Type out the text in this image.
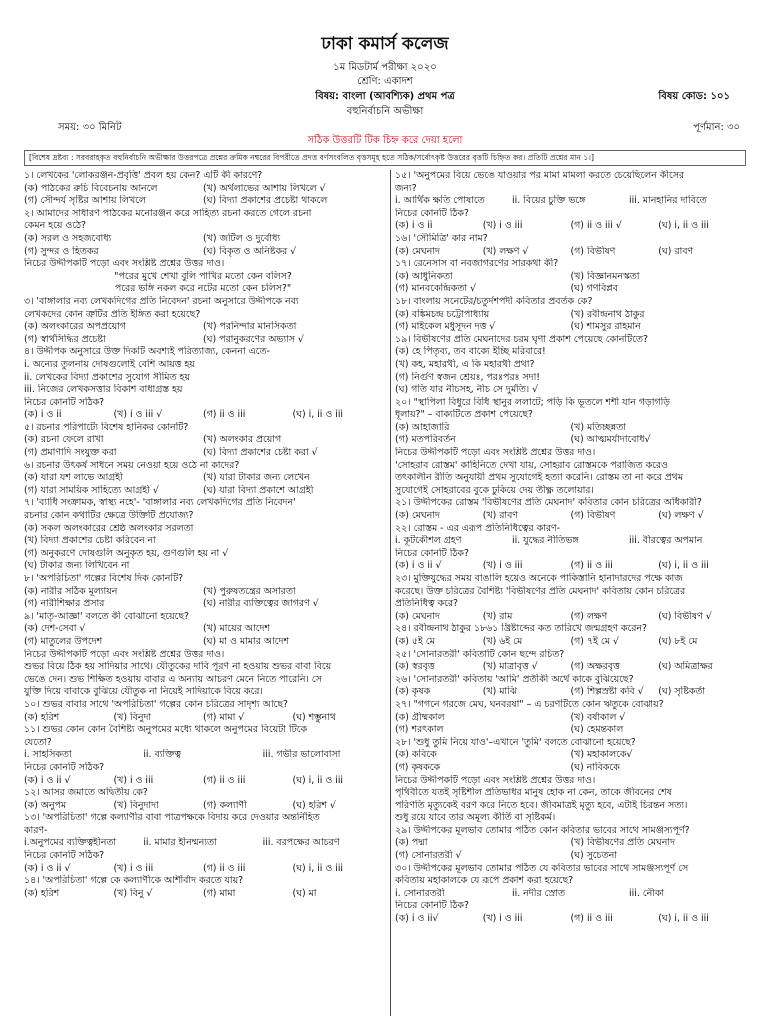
ঢাকা কমার্স কলেজ
১ম মিডটার্ম পরীক্ষা ২০২০
শ্রেণি: একাদশ
বিষয়: বাংলা (আবশ্যিক) প্রথম পত্র	বিষয় কোড: ১০১
বহুনির্বাচনি অভীক্ষা
সময়: ৩০ মিনিট	পূর্ণমান: ৩০
সঠিক উত্তরটি টিক চিহ্ন করে দেয়া হলো
[বিশেষ দ্রষ্টব্য : সরবরাহকৃত বহুনির্বাচনি অভীক্ষার উত্তরপত্রে প্রশ্নের ক্রমিক নম্বরের বিপরীতে প্রদত্ত বর্ণসংবলিত বৃত্তসমূহ হতে সঠিক/সর্বোৎকৃষ্ট উত্তরের বৃত্তটি চিহ্নিত কর। প্রতিটি প্রশ্নের মান ১।]
১। লেখকের 'লোকরঞ্জন-প্রবৃত্তি' প্রবল হয় কেন? এটি কী কারণে?
(ক) পাঠকের রুচি বিবেচনায় আনলে	(খ) অর্থলাভের আশায় লিখলে √
(গ) সৌন্দর্য সৃষ্টির আশায় লিখলে	(ঘ) বিদ্যা প্রকাশের প্রচেষ্টা থাকলে
২। আমাদের সাধারণ পাঠকের মনোরঞ্জন করে সাহিত্য রচনা করতে গেলে রচনা
কেমন হয়ে ওঠে?
(ক) সরল ও সহজবোধ্য	(খ) জটিল ও দুর্বোধ্য
(গ) সুন্দর ও হিতকর	(ঘ) বিকৃত ও অনিষ্টকর √
নিচের উদ্দীপকটি পড়ো এবং সংশ্লিষ্ট প্রশ্নের উত্তর দাও।
"পরের মুখে শেখা বুলি পাখির মতো কেন বলিস?
পরের ভঙ্গি নকল করে নটের মতো কেন চলিস?"
৩। 'বাঙ্গালার নব্য লেখকদিগের প্রতি নিবেদন' রচনা অনুসারে উদ্দীপকে নব্য
লেখকদের কোন ত্রুটির প্রতি ইঙ্গিত করা হয়েছে?
(ক) অলংকারের অপপ্রয়োগ	(খ) পরনিন্দার মানসিকতা
(গ) স্বার্থসিদ্ধির প্রচেষ্টা	(ঘ) পরানুকরণের অভ্যাস √
৪। উদ্দীপক অনুসারে উক্ত দিকটি অবশ্যই পরিত্যাজ্য, কেননা এতে-
i. অন্যের তুলনায় দোষগুলোই বেশি আয়ত্ত হয়
ii. লেখকের বিদ্যা প্রকাশের সুযোগ সীমিত হয়
iii. নিজের লেখকসত্তার বিকাশ বাধাগ্রস্ত হয়
নিচের কোনটি সঠিক?
(ক) i ও ii	(খ) i ও iii √	(গ) ii ও iii	(ঘ) i, ii ও iii
৫। রচনার পরিপাট্যে বিশেষ হানিকর কোনটি?
(ক) রচনা ফেলে রাখা	(খ) অলংকার প্রয়োগ
(গ) প্রমাণাদি সংযুক্ত করা	(ঘ) বিদ্যা প্রকাশের চেষ্টা করা √
৬। রচনার উৎকর্ষ সাধনে সময় নেওয়া হয়ে ওঠে না কাদের?
(ক) যারা যশ লাভে আগ্রহী	(খ) যারা টাকার জন্য লেখেন
(গ) যারা সাময়িক সাহিত্যে আগ্রহী √	(ঘ) যারা বিদ্যা প্রকাশে আগ্রহী
৭। 'ব্যাধি সংক্রামক, স্বাস্থ্য নহে'- 'বাঙ্গালার নব্য লেখকদিগের প্রতি নিবেদন'
রচনার কোন কথাটির ক্ষেত্রে উক্তিটি প্রযোজ্য?
(ক) সকল অলংকারের শ্রেষ্ঠ অলংকার সরলতা
(খ) বিদ্যা প্রকাশের চেষ্টা করিবেন না
(গ) অনুকরণে দোষগুলি অনুকৃত হয়, গুণগুলি হয় না √
(ঘ) টাকার জন্য লিখিবেন না
৮। 'অপরিচিতা' গল্পের বিশেষ দিক কোনটি?
(ক) নারীর সঠিক মূল্যায়ন	(খ) পুরুষতন্ত্রের অসারতা
(গ) নারীশিক্ষার প্রসার	(ঘ) নারীর ব্যক্তিত্বের জাগরণ √
৯। 'মাতৃ-আজ্ঞা' বলতে কী বোঝানো হয়েছে?
(ক) দেশ-সেবা √	(খ) মায়ের আদেশ
(গ) মাতুলের উপদেশ	(ঘ) মা ও মামার আদেশ
নিচের উদ্দীপকটি পড়ো এবং সংশ্লিষ্ট প্রশ্নের উত্তর দাও।
শুভর বিয়ে ঠিক হয় সাদিয়ার সাথে। যৌতুকের দাবি পূরণ না হওয়ায় শুভর বাবা বিয়ে
ভেঙে দেন। শুভ শিক্ষিত হওয়ায় বাবার এ অন্যায় আচরণ মেনে নিতে পারেনি। সে
যুক্তি দিয়ে বাবাকে বুঝিয়ে যৌতুক না নিয়েই সাদিয়াকে বিয়ে করে।
১০। শুভর বাবার সাথে 'অপরিচিতা' গল্পের কোন চরিত্রের সাদৃশ্য আছে?
(ক) হরিশ	(খ) বিনুদা	(গ) মামা √	(ঘ) শম্ভুনাথ
১১। শুভর কোন কোন বৈশিষ্ট্য অনুপমের মধ্যে থাকলে অনুপমের বিয়েটা টিকে
যেতো?
i. সাহসিকতা	ii. ব্যক্তিত্ব	iii. গভীর ভালোবাসা
নিচের কোনটি সঠিক?
(ক) i ও ii √	(খ) i ও iii	(গ) ii ও iii	(ঘ) i, ii ও iii
১২। আসর জমাতে অদ্বিতীয় কে?
(ক) অনুপম	(খ) বিনুদাদা	(গ) কল্যাণী	(ঘ) হরিশ √
১৩। 'অপরিচিতা' গল্পে কল্যাণীর বাবা পাত্রপক্ষকে বিদায় করে দেওয়ার অন্তর্নিহিত
কারণ-
i.অনুপমের ব্যক্তিত্বহীনতা	ii. মামার হীনম্মন্যতা	iii. বরপক্ষের আচরণ
নিচের কোনটি সঠিক?
(ক) i ও ii √	(খ) i ও iii	(গ) ii ও iii	(ঘ) i, ii ও iii
১৪। 'অপরিচিতা' গল্পে কে কল্যাণীকে আশীর্বাদ করতে যায়?
(ক) হরিশ	(খ) বিনু √	(গ) মামা	(ঘ) মা
১৫। 'অনুপমের বিয়ে ভেঙে যাওয়ার পর মামা মামলা করতে চেয়েছিলেন কীসের
জন্য?
i. আর্থিক ক্ষতি পোষাতে	ii. বিয়ের চুক্তি ভঙ্গে	iii. মানহানির দাবিতে
নিচের কোনটি ঠিক?
(ক) i ও ii	(খ) i ও iii	(গ) ii ও iii √	(ঘ) i, ii ও iii
১৬। 'সৌমিত্রি' কার নাম?
(ক) মেঘনাদ	(খ) লক্ষণ √	(গ) বিভীষণ	(ঘ) রাবণ
১৭। রেনেসাস বা নবজাগরণের সারকথা কী?
(ক) আধুনিকতা	(খ) বিজ্ঞানমনস্কতা
(গ) মানবকেন্দ্রিকতা √	(ঘ) গণবিপ্লব
১৮। বাংলায় সনেটের/চতুর্দশপদী কবিতার প্রবর্তক কে?
(ক) বঙ্কিমচন্দ্র চট্টোপাধ্যায়	(খ) রবীন্দ্রনাথ ঠাকুর
(গ) মাইকেল মধুসূদন দত্ত √	(ঘ) শামসুর রাহমান
১৯। বিভীষণের প্রতি মেঘনাদের চরম ঘৃণা প্রকাশ পেয়েছে কোনটিতে?
(ক) হে পিতৃব্য, তব বাক্যে ইচ্ছি মরিবারে!
(খ) কহ, মহারথী, এ কি মহারথী প্রথা?
(গ) নির্গুণ স্বজন শ্রেয়ঃ, পরঃপরঃ সদা!
(ঘ) গতি যার নীচসহ, নীচ সে দুর্মতি। √
২০। "স্থাপিলা বিধুরে বিধি স্থানুর ললাটে; পড়ি কি ভূতলে শশী যান গড়াগড়ি
ধূলায়?" – বাক্যটিতে প্রকাশ পেয়েছে?
(ক) আহাজারি	(খ) মতিচ্ছন্নতা
(গ) মতপরিবর্তন	(ঘ) আত্মমর্যাদাবোধ√
নিচের উদ্দীপকটি পড়ো এবং সংশ্লিষ্ট প্রশ্নের উত্তর দাও।
'সোহরাব রোস্তম' কাহিনিতে দেখা যায়, সোহরাব রোস্তমকে পরাজিত করেও
তৎকালীন রীতি অনুযায়ী প্রথম সুযোগেই হত্যা করেনি। রোস্তম তা না করে প্রথম
সুযোগেই সোহরাবের বুকে ঢুকিয়ে দেয় তীক্ষ্ণ তলোয়ার।
২১। উদ্দীপকের রোস্তম 'বিভীষণের প্রতি মেঘনাদ' কবিতার কোন চরিত্রের অধিকারী?
(ক) মেঘনাদ	(খ) রাবণ	(গ) বিভীষণ	(ঘ) লক্ষণ √
২২। রোস্তম - এর এরূপ প্রতিনিধিত্বের কারণ-
i. কূটকৌশল গ্রহণ	ii. যুদ্ধের নীতিভঙ্গ	iii. বীরত্বের অপমান
নিচের কোনটি ঠিক?
(ক) i ও ii √	(খ) i ও iii	(গ) ii ও iii	(ঘ) i, ii ও iii
২৩। মুক্তিযুদ্ধের সময় বাঙালি হয়েও অনেকে পাকিস্তানি হানাদারদের পক্ষে কাজ
করেছে। উক্ত চরিত্রের বৈশিষ্ট্য 'বিভীষণের প্রতি মেঘনাদ' কবিতায় কোন চরিত্রের
প্রতিনিধিত্ব করে?
(ক) মেঘনাদ	(খ) রাম	(গ) লক্ষণ	(ঘ) বিভীষণ √
২৪। রবীন্দ্রনাথ ঠাকুর ১৮৬১ খ্রিষ্টাব্দের কত তারিখে জন্মগ্রহণ করেন?
(ক) ৫ই মে	(খ) ৬ই মে	(গ) ৭ই মে √	(ঘ) ৮ই মে
২৫। 'সোনারতরী' কবিতাটি কোন ছন্দে রচিত?
(ক) স্বরবৃত্ত	(খ) মাত্রাবৃত্ত √	(গ) অক্ষরবৃত্ত	(ঘ) অমিত্রাক্ষর
২৬। 'সোনারতরী' কবিতায় 'আমি' প্রতীকী অর্থে কাকে বুঝিয়েছে?
(ক) কৃষক	(খ) মাঝি	(গ) শিল্পস্রষ্টা কবি √	(ঘ) সৃষ্টিকর্তা
২৭। "গগনে গরজে মেঘ, ঘনবরষা" – এ চরণটিতে কোন ঋতুকে বোঝায়?
(ক) গ্রীষ্মকাল	(খ) বর্ষাকাল √
(গ) শরৎকাল	(ঘ) হেমন্তকাল
২৮। 'শুধু তুমি নিয়ে যাও'–এখানে 'তুমি' বলতে বোঝানো হয়েছে?
(ক) কবিকে	(খ) মহাকালকে√
(গ) কৃষককে	(ঘ) নাবিককে
নিচের উদ্দীপকটি পড়ো এবং সংশ্লিষ্ট প্রশ্নের উত্তর দাও।
পৃথিবীতে যতই সৃষ্টিশীল প্রতিভাধর মানুষ হোক না কেন, তাকে জীবনের শেষ
পরিণতি মৃত্যুকেই বরণ করে নিতে হবে। জীবমাত্রই মৃত্যু হবে, এটাই চিরন্তন সত্য।
শুধু রয়ে যাবে তার অমূল্য কীর্তি বা সৃষ্টিকর্ম।
২৯। উদ্দীপকের মূলভাব তোমার পঠিত কোন কবিতার ভাবের সাথে সামঞ্জস্যপূর্ণ?
(ক) পদ্মা	(খ) বিভীষণের প্রতি মেঘনাদ
(গ) সোনারতরী √	(ঘ) সুচেতনা
৩০। উদ্দীপকের মূলভাব তোমার পঠিত যে কবিতার ভাবের সাথে সামঞ্জস্যপূর্ণ সে
কবিতায় মহাকালকে যে রূপে প্রকাশ করা হয়েছে?
i. সোনারতরী	ii. নদীর স্রোত	iii. নৌকা
নিচের কোনটি ঠিক?
(ক) i ও ii√	(খ) i ও iii	(গ) ii ও iii	(ঘ) i, ii ও iii
